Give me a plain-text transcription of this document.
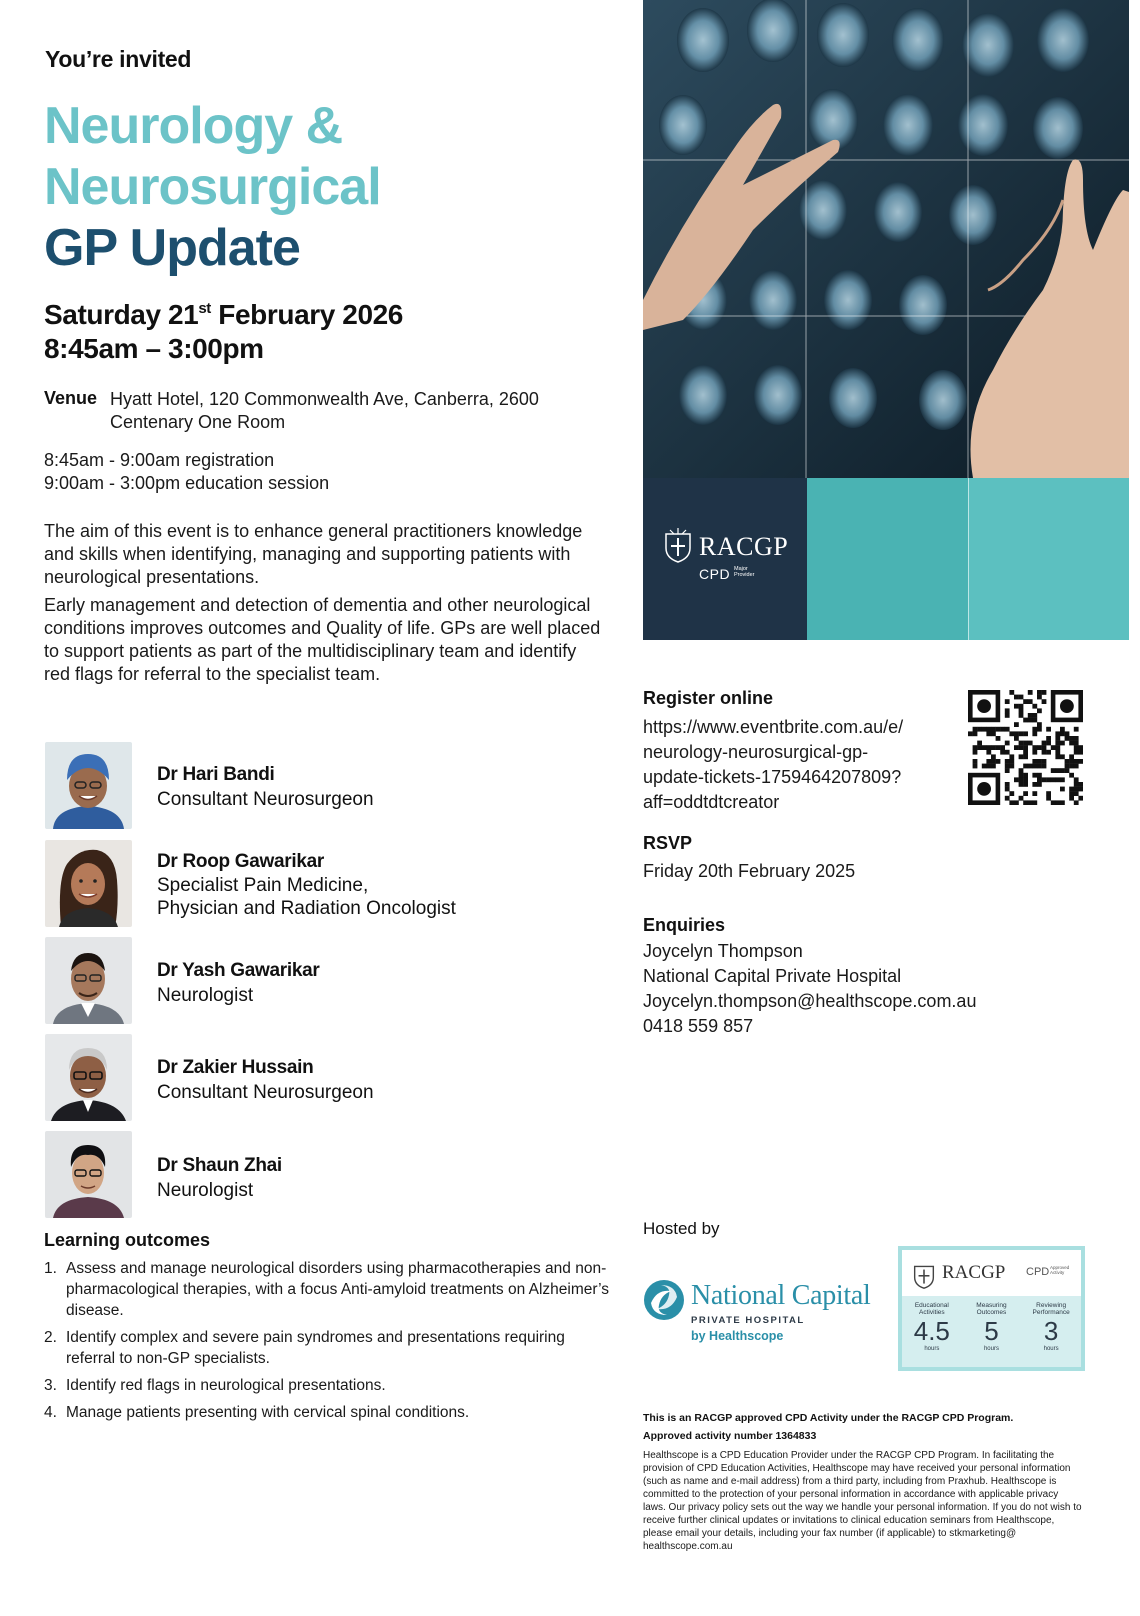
You’re invited
Neurology &
Neurosurgical
GP Update
Saturday 21st February 2026
8:45am – 3:00pm
Venue Hyatt Hotel, 120 Commonwealth Ave, Canberra, 2600
Centenary One Room
8:45am - 9:00am registration
9:00am - 3:00pm education session
The aim of this event is to enhance general practitioners knowledge and skills when identifying, managing and supporting patients with neurological presentations.
Early management and detection of dementia and other neurological conditions improves outcomes and Quality of life. GPs are well placed to support patients as part of the multidisciplinary team and identify red flags for referral to the specialist team.
Dr Hari Bandi
Consultant Neurosurgeon
Dr Roop Gawarikar
Specialist Pain Medicine,
Physician and Radiation Oncologist
Dr Yash Gawarikar
Neurologist
Dr Zakier Hussain
Consultant Neurosurgeon
Dr Shaun Zhai
Neurologist
Learning outcomes
1. Assess and manage neurological disorders using pharmacotherapies and non-pharmacological therapies, with a focus Anti-amyloid treatments on Alzheimer’s disease.
2. Identify complex and severe pain syndromes and presentations requiring referral to non-GP specialists.
3. Identify red flags in neurological presentations.
4. Manage patients presenting with cervical spinal conditions.
RACGP
CPD Major
Provider
Register online
https://www.eventbrite.com.au/e/
neurology-neurosurgical-gp-
update-tickets-1759464207809?
aff=oddtdtcreator
RSVP
Friday 20th February 2025
Enquiries
Joycelyn Thompson
National Capital Private Hospital
Joycelyn.thompson@healthscope.com.au
0418 559 857
Hosted by
National Capital
PRIVATE HOSPITAL
by Healthscope
RACGP CPD Approved
Activity
Educational
Activities
4.5
hours
Measuring
Outcomes
5
hours
Reviewing
Performance
3
hours
This is an RACGP approved CPD Activity under the RACGP CPD Program.
Approved activity number 1364833
Healthscope is a CPD Education Provider under the RACGP CPD Program. In facilitating the provision of CPD Education Activities, Healthscope may have received your personal information (such as name and e-mail address) from a third party, including from Praxhub. Healthscope is committed to the protection of your personal information in accordance with applicable privacy laws. Our privacy policy sets out the way we handle your personal information. If you do not wish to receive further clinical updates or invitations to clinical education seminars from Healthscope, please email your details, including your fax number (if applicable) to stkmarketing@ healthscope.com.au
